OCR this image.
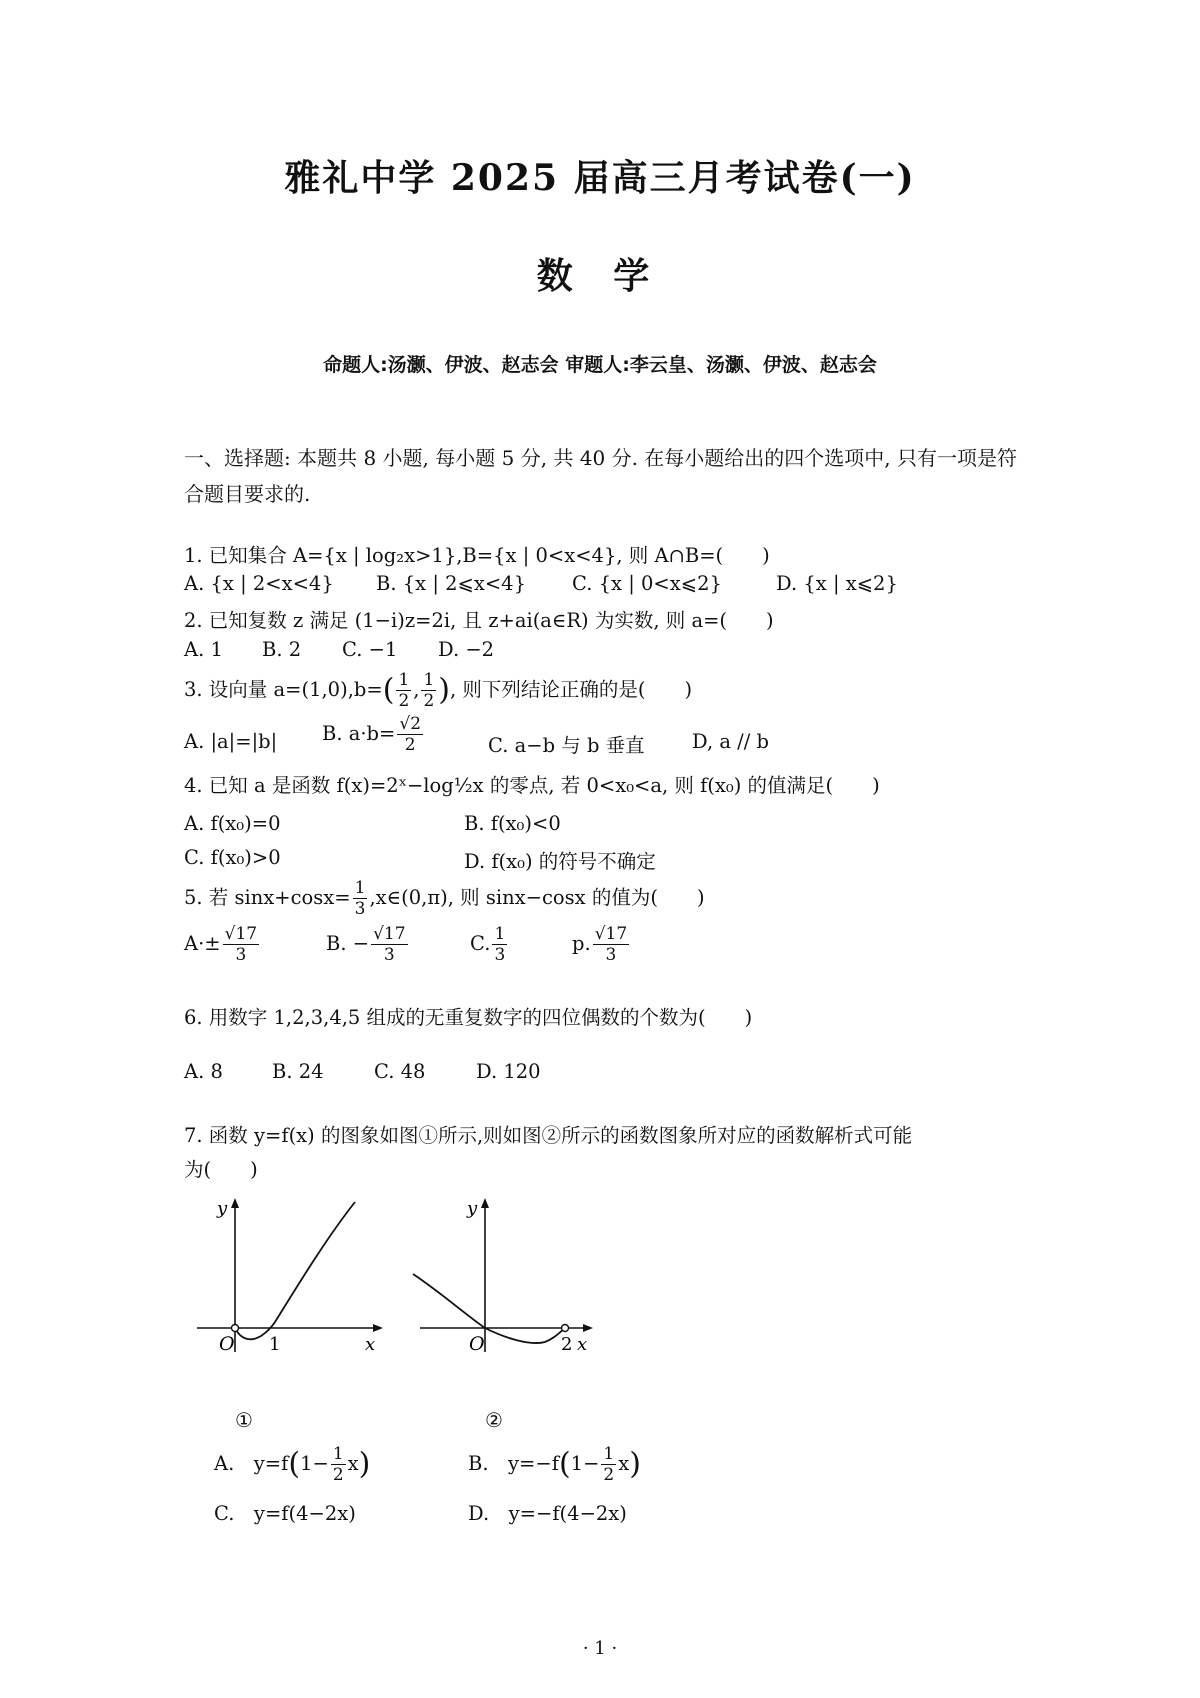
雅礼中学 2025 届高三月考试卷(一)
数 学
命题人:汤灏、伊波、赵志会 审题人:李云皇、汤灏、伊波、赵志会
一、选择题: 本题共 8 小题, 每小题 5 分, 共 40 分. 在每小题给出的四个选项中, 只有一项是符合题目要求的.
1. 已知集合 A={x | log₂x>1},B={x | 0<x<4}, 则 A∩B=(　　)
A. {x | 2<x<4} B. {x | 2⩽x<4} C. {x | 0<x⩽2}	D. {x | x⩽2}
2. 已知复数 z 满足 (1−i)z=2i, 且 z+ai(a∈R) 为实数, 则 a=(　　)
A. 1 B. 2 C. −1 D. −2
3. 设向量 $a=(1,0),b=( \frac{1}{2}$ , $\frac{1}{2}$ ), 则下列结论正确的是(　　)
A. |a|=|b| B. $a\cdot b= \frac{√2}{2}$	C. a−b 与 b 垂直 D, a // b
4. 已知 a 是函数 f(x)=2ˣ−log½x 的零点, 若 0<x₀<a, 则 f(x₀) 的值满足(　　)
A. f(x₀)=0	B. f(x₀)<0
C. f(x₀)>0	D. f(x₀) 的符号不确定
5. 若 $\sin x+\cos x= \frac{1}{3}$ ,x∈(0,π), 则 sinx−cosx 的值为(　　)
$A\cdot\pm \frac{√17}{3}$	B. − $\frac{√17}{3}$	C. $\frac{1}{3}$	p. $\frac{√17}{3}$
6. 用数字 1,2,3,4,5 组成的无重复数字的四位偶数的个数为(　　)
A. 8	B. 24	C. 48	D. 120
7. 函数 y=f(x) 的图象如图①所示,则如图②所示的函数图象所对应的函数解析式可能
为(　　)
O 1	x
y
O	2 x
y
①	②
A.　$y=f(1- \frac{1}{2} x)$	B.　$y=-f(1- \frac{1}{2} x)$
C.　y=f(4−2x)	D.　y=−f(4−2x)
· 1 ·
